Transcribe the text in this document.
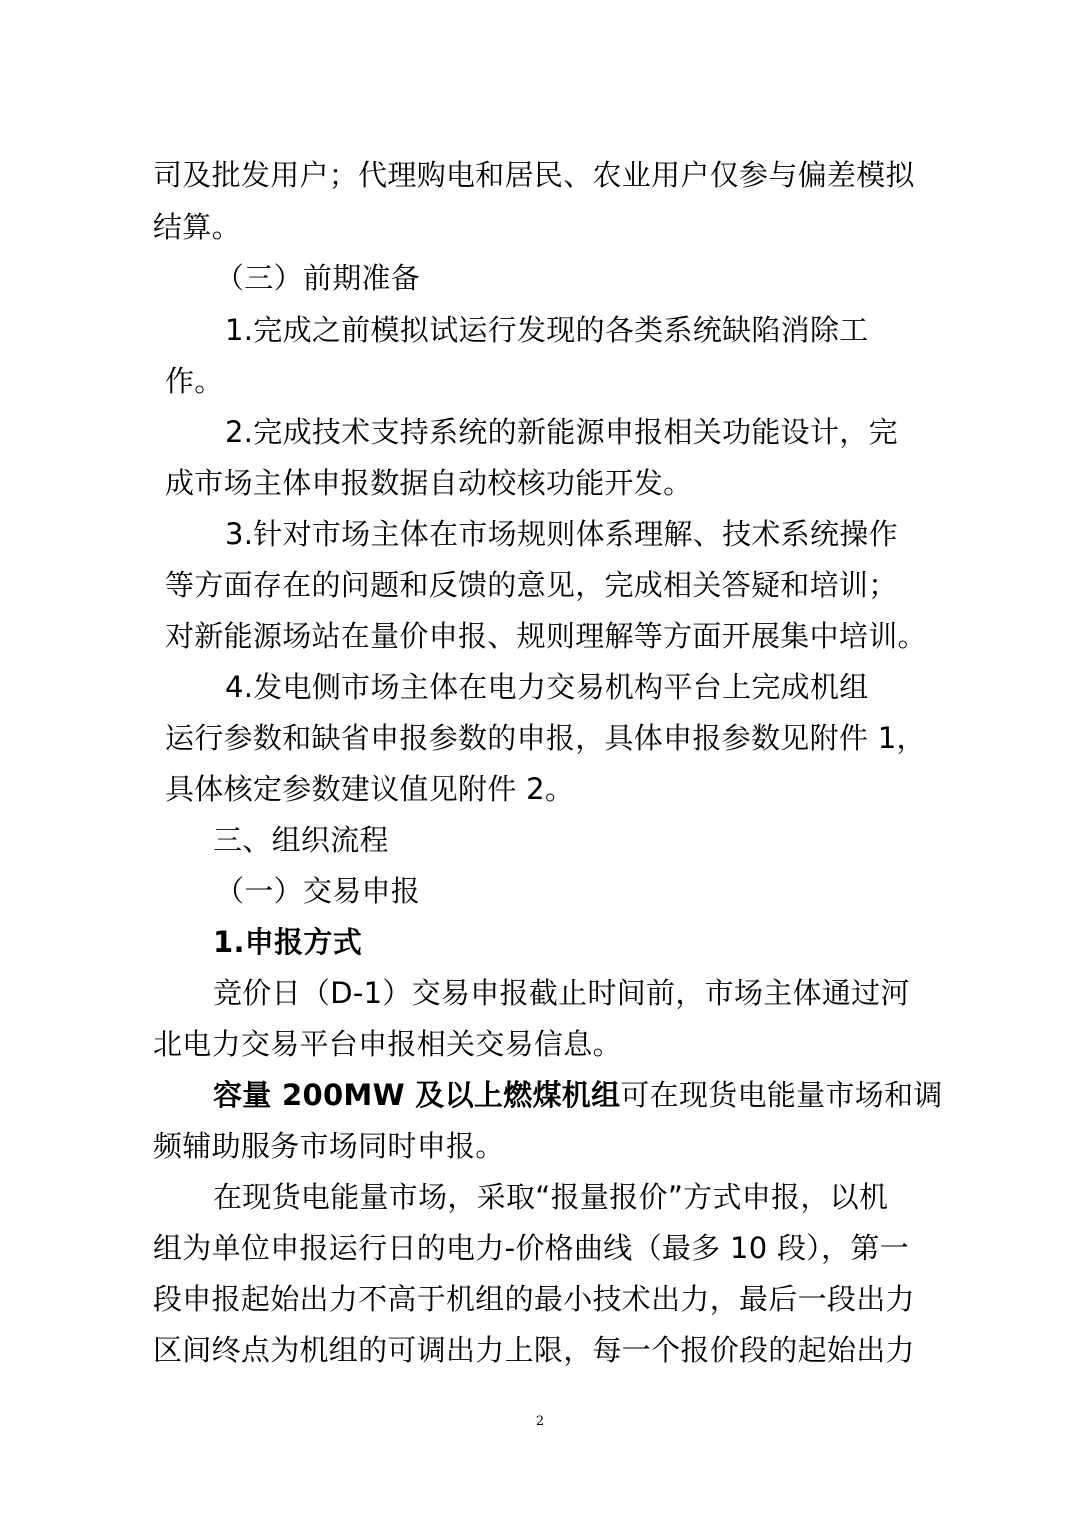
司及批发用户；代理购电和居民、农业用户仅参与偏差模拟
结算。
（三）前期准备
1.完成之前模拟试运行发现的各类系统缺陷消除工
作。
2.完成技术支持系统的新能源申报相关功能设计，完
成市场主体申报数据自动校核功能开发。
3.针对市场主体在市场规则体系理解、技术系统操作
等方面存在的问题和反馈的意见，完成相关答疑和培训；
对新能源场站在量价申报、规则理解等方面开展集中培训。
4.发电侧市场主体在电力交易机构平台上完成机组
运行参数和缺省申报参数的申报，具体申报参数见附件 1，
具体核定参数建议值见附件 2。
三、组织流程
（一）交易申报
1.申报方式
竞价日（D-1）交易申报截止时间前，市场主体通过河
北电力交易平台申报相关交易信息。
容量 200MW 及以上燃煤机组可在现货电能量市场和调
频辅助服务市场同时申报。
在现货电能量市场，采取“报量报价”方式申报，以机
组为单位申报运行日的电力-价格曲线（最多 10 段），第一
段申报起始出力不高于机组的最小技术出力，最后一段出力
区间终点为机组的可调出力上限，每一个报价段的起始出力
2
